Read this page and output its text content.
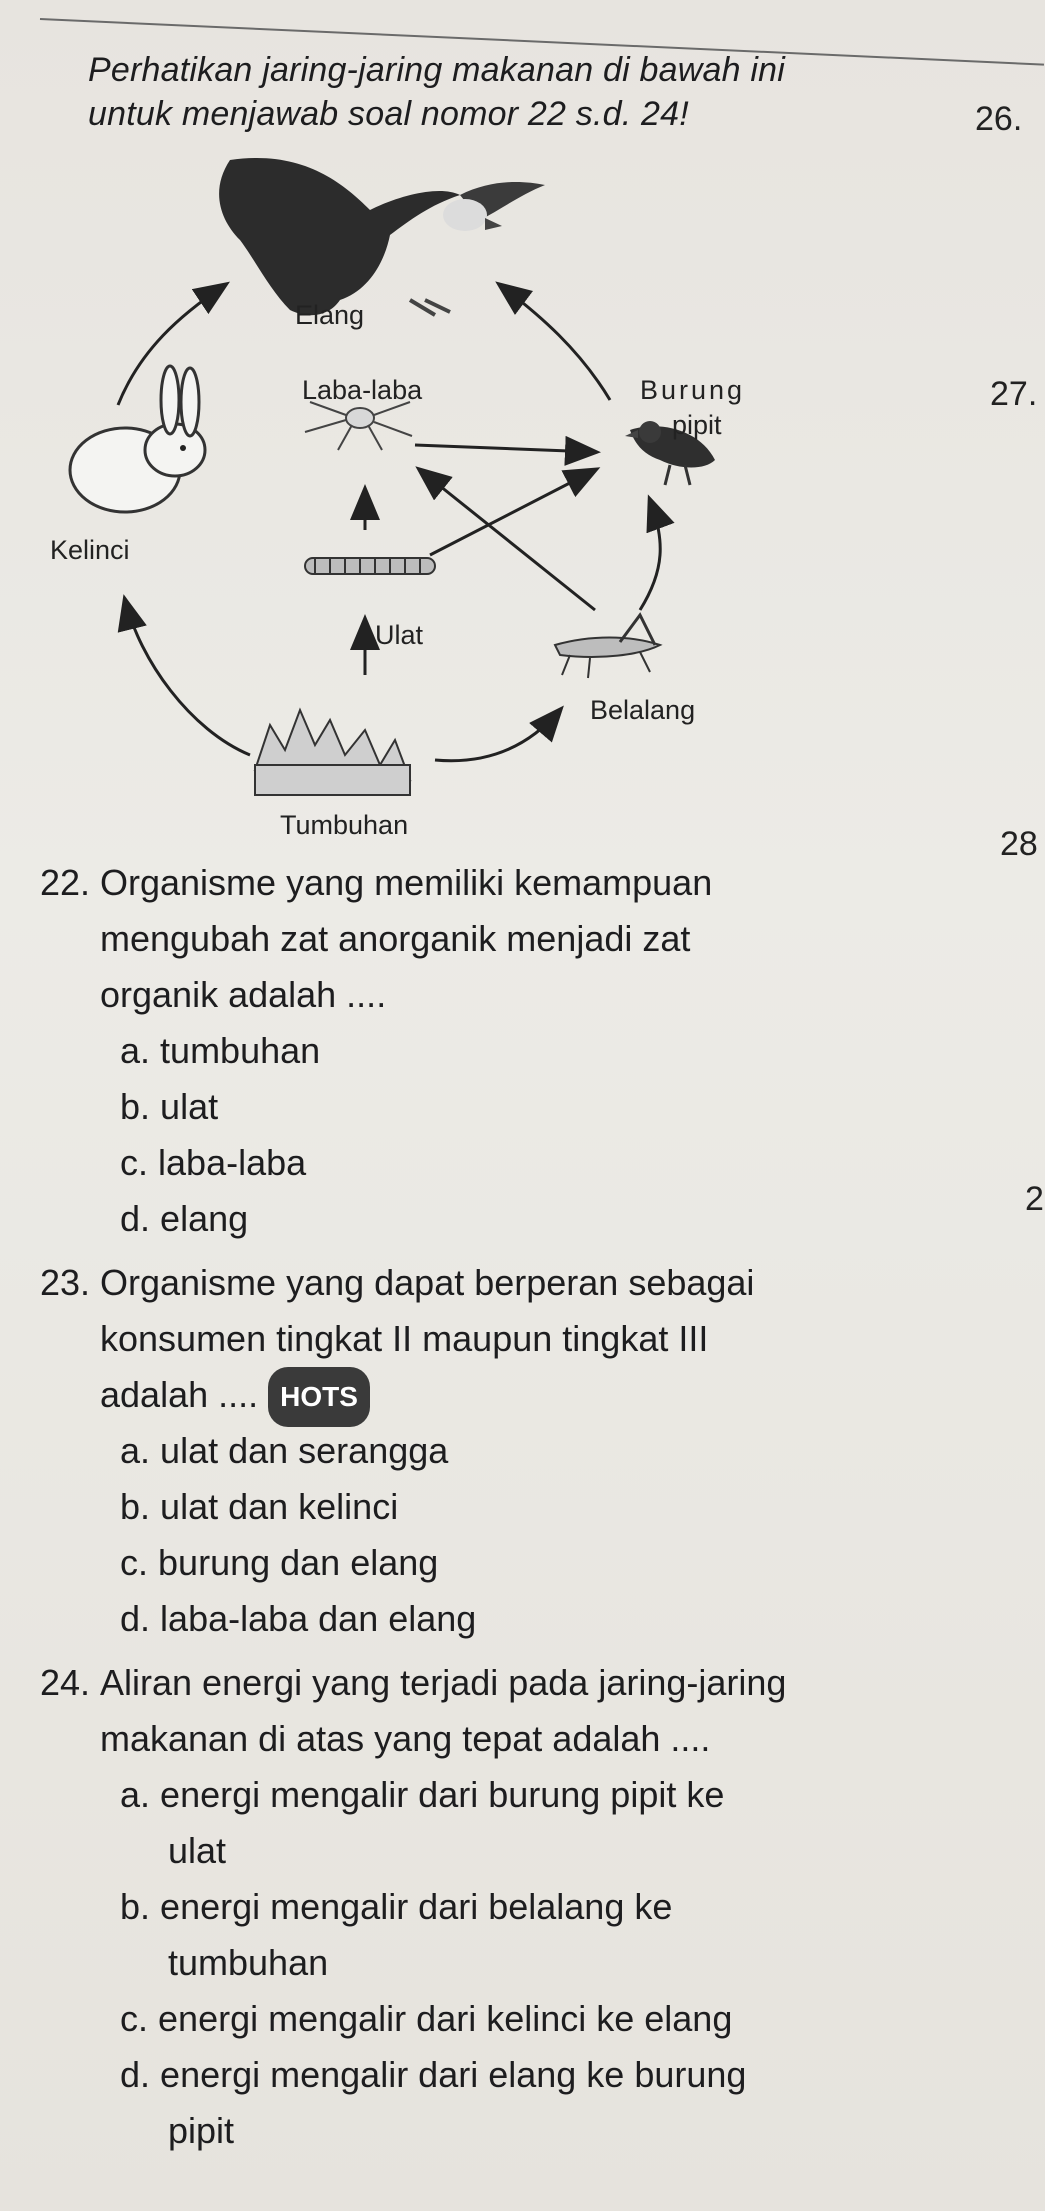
Perhatikan jaring-jaring makanan di bawah ini
untuk menjawab soal nomor 22 s.d. 24!	26.
27.
28
2
Elang
Laba-laba	Burung
pipit
Kelinci
Ulat
Belalang
Tumbuhan
22. Organisme yang memiliki kemampuan
mengubah zat anorganik menjadi zat
organik adalah ....
a. tumbuhan
b. ulat
c. laba-laba
d. elang
23. Organisme yang dapat berperan sebagai
konsumen tingkat II maupun tingkat III
adalah .... HOTS
a. ulat dan serangga
b. ulat dan kelinci
c. burung dan elang
d. laba-laba dan elang
24. Aliran energi yang terjadi pada jaring-jaring
makanan di atas yang tepat adalah ....
a. energi mengalir dari burung pipit ke
ulat
b. energi mengalir dari belalang ke
tumbuhan
c. energi mengalir dari kelinci ke elang
d. energi mengalir dari elang ke burung
pipit
